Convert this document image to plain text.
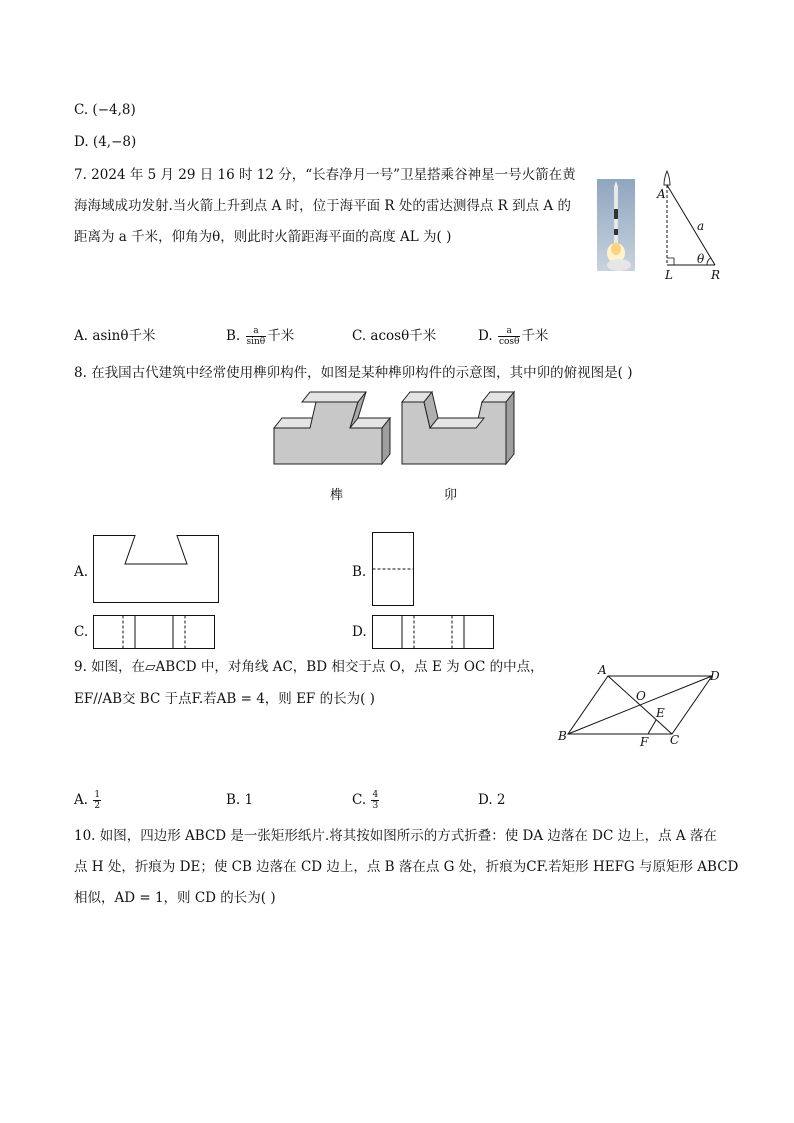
C. (−4,8)
D. (4,−8)
7. 2024 年 5 月 29 日 16 时 12 分，“长春净月一号”卫星搭乘谷神星一号火箭在黄
海海域成功发射.当火箭上升到点 A 时，位于海平面 R 处的雷达测得点 R 到点 A 的
距离为 a 千米，仰角为θ，则此时火箭距海平面的高度 AL 为( )
A
a
L	R
θ
A. asinθ千米	B. $\frac{a}{\sin\theta}$ 千米	C. acosθ千米	D. $\frac{a}{\cos\theta}$ 千米
8. 在我国古代建筑中经常使用榫卯构件，如图是某种榫卯构件的示意图，其中卯的俯视图是( )
榫	卯
A.	B.
C.	D.
9. 如图，在▱ABCD 中，对角线 AC，BD 相交于点 O，点 E 为 OC 的中点，
EF//AB交 BC 于点F.若AB = 4，则 EF 的长为( )
A	D
B	C
O
E
F
A. $\frac{1}{2}$	B. 1	C. $\frac{4}{3}$	D. 2
10. 如图，四边形 ABCD 是一张矩形纸片.将其按如图所示的方式折叠：使 DA 边落在 DC 边上，点 A 落在
点 H 处，折痕为 DE；使 CB 边落在 CD 边上，点 B 落在点 G 处，折痕为CF.若矩形 HEFG 与原矩形 ABCD
相似，AD = 1，则 CD 的长为( )
